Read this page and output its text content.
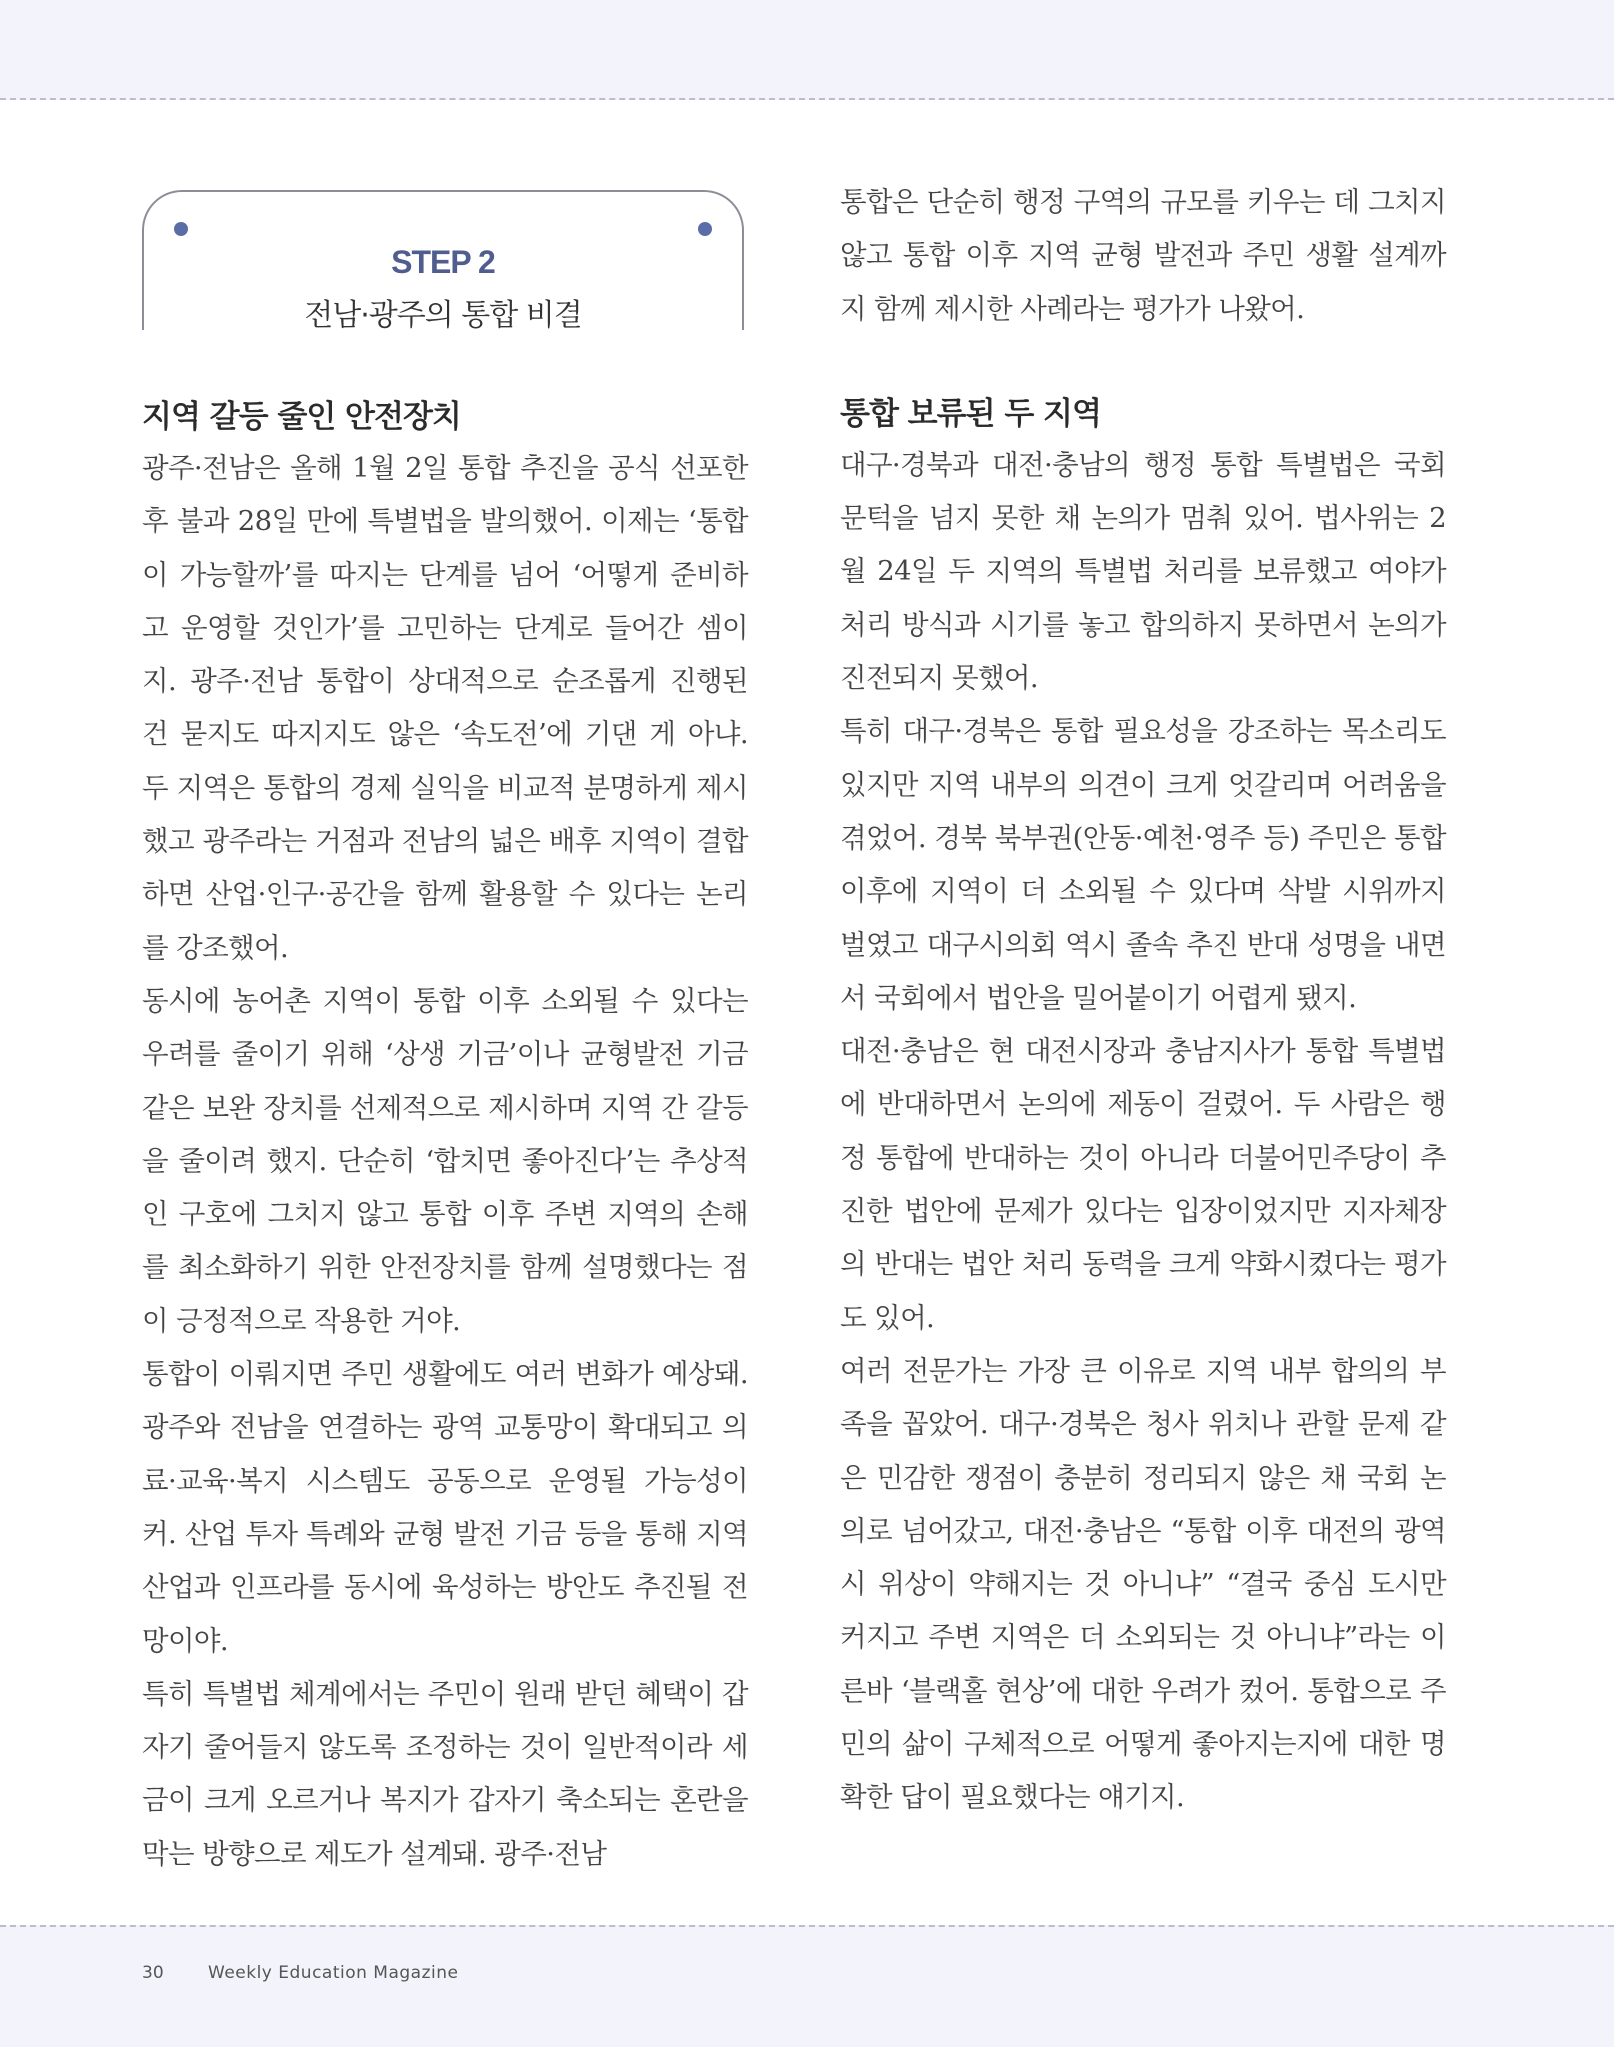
STEP 2
전남·광주의 통합 비결
지역 갈등 줄인 안전장치

광주·전남은 올해 1월 2일 통합 추진을 공식 선포한 후 불과 28일 만에 특별법을 발의했어. 이제는 ‘통합이 가능할까’를 따지는 단계를 넘어 ‘어떻게 준비하고 운영할 것인가’를 고민하는 단계로 들어간 셈이지. 광주·전남 통합이 상대적으로 순조롭게 진행된 건 묻지도 따지지도 않은 ‘속도전’에 기댄 게 아냐. 두 지역은 통합의 경제 실익을 비교적 분명하게 제시했고 광주라는 거점과 전남의 넓은 배후 지역이 결합하면 산업·인구·공간을 함께 활용할 수 있다는 논리를 강조했어.

동시에 농어촌 지역이 통합 이후 소외될 수 있다는 우려를 줄이기 위해 ‘상생 기금’이나 균형발전 기금 같은 보완 장치를 선제적으로 제시하며 지역 간 갈등을 줄이려 했지. 단순히 ‘합치면 좋아진다’는 추상적인 구호에 그치지 않고 통합 이후 주변 지역의 손해를 최소화하기 위한 안전장치를 함께 설명했다는 점이 긍정적으로 작용한 거야.

통합이 이뤄지면 주민 생활에도 여러 변화가 예상돼. 광주와 전남을 연결하는 광역 교통망이 확대되고 의료·교육·복지 시스템도 공동으로 운영될 가능성이 커. 산업 투자 특례와 균형 발전 기금 등을 통해 지역 산업과 인프라를 동시에 육성하는 방안도 추진될 전망이야.

특히 특별법 체계에서는 주민이 원래 받던 혜택이 갑자기 줄어들지 않도록 조정하는 것이 일반적이라 세금이 크게 오르거나 복지가 갑자기 축소되는 혼란을 막는 방향으로 제도가 설계돼. 광주·전남

통합은 단순히 행정 구역의 규모를 키우는 데 그치지 않고 통합 이후 지역 균형 발전과 주민 생활 설계까지 함께 제시한 사례라는 평가가 나왔어.

통합 보류된 두 지역

대구·경북과 대전·충남의 행정 통합 특별법은 국회 문턱을 넘지 못한 채 논의가 멈춰 있어. 법사위는 2월 24일 두 지역의 특별법 처리를 보류했고 여야가 처리 방식과 시기를 놓고 합의하지 못하면서 논의가 진전되지 못했어.

특히 대구·경북은 통합 필요성을 강조하는 목소리도 있지만 지역 내부의 의견이 크게 엇갈리며 어려움을 겪었어. 경북 북부권(안동·예천·영주 등) 주민은 통합 이후에 지역이 더 소외될 수 있다며 삭발 시위까지 벌였고 대구시의회 역시 졸속 추진 반대 성명을 내면서 국회에서 법안을 밀어붙이기 어렵게 됐지.

대전·충남은 현 대전시장과 충남지사가 통합 특별법에 반대하면서 논의에 제동이 걸렸어. 두 사람은 행정 통합에 반대하는 것이 아니라 더불어민주당이 추진한 법안에 문제가 있다는 입장이었지만 지자체장의 반대는 법안 처리 동력을 크게 약화시켰다는 평가도 있어.

여러 전문가는 가장 큰 이유로 지역 내부 합의의 부족을 꼽았어. 대구·경북은 청사 위치나 관할 문제 같은 민감한 쟁점이 충분히 정리되지 않은 채 국회 논의로 넘어갔고, 대전·충남은 “통합 이후 대전의 광역시 위상이 약해지는 것 아니냐” “결국 중심 도시만 커지고 주변 지역은 더 소외되는 것 아니냐”라는 이른바 ‘블랙홀 현상’에 대한 우려가 컸어. 통합으로 주민의 삶이 구체적으로 어떻게 좋아지는지에 대한 명확한 답이 필요했다는 얘기지.

30	Weekly Education Magazine
